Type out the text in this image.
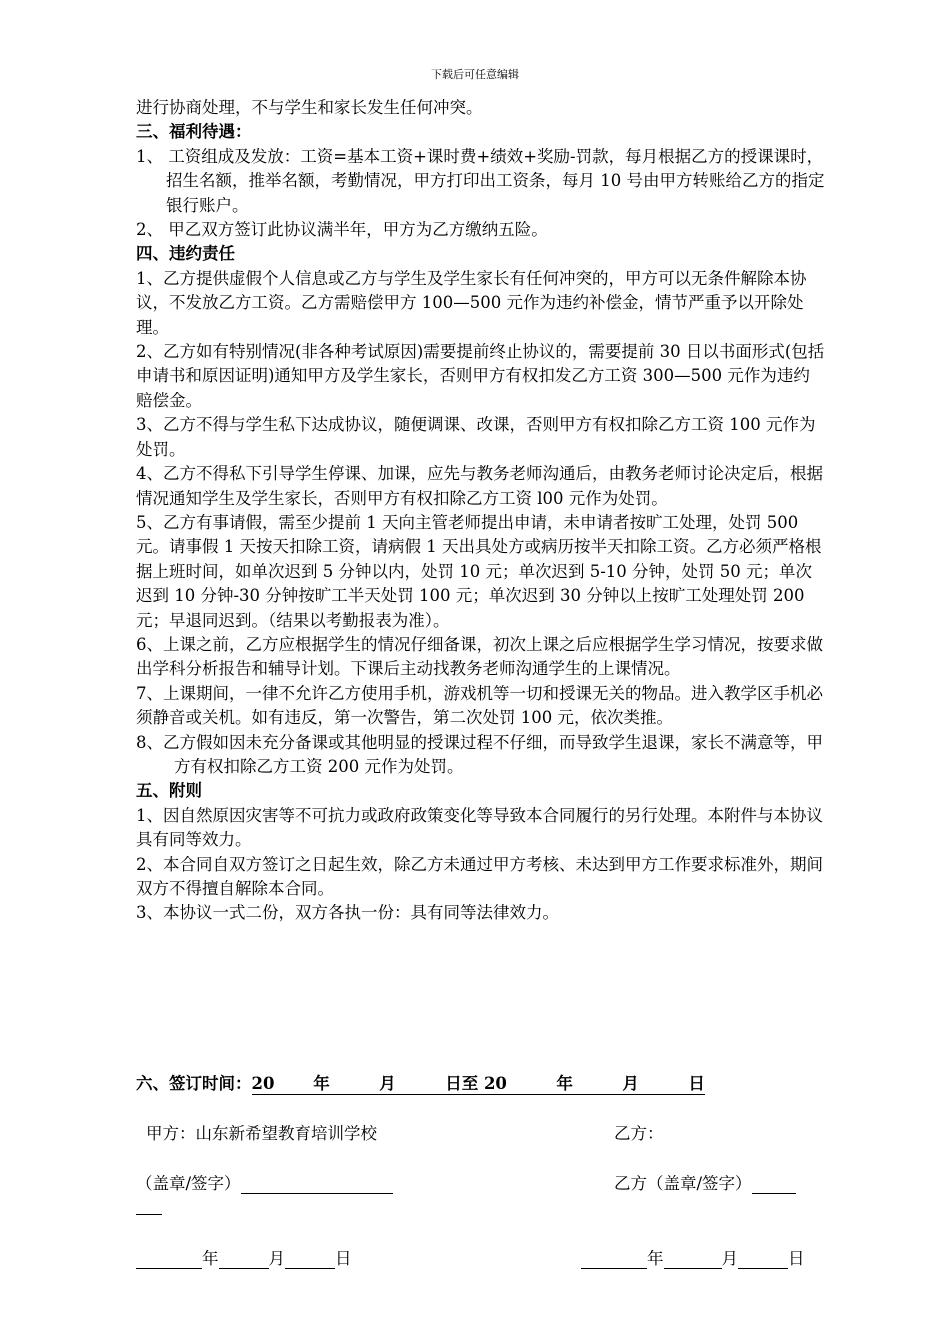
下载后可任意编辑

进行协商处理，不与学生和家长发生任何冲突。

三、福利待遇：

1、 工资组成及发放：工资=基本工资+课时费+绩效+奖励-罚款，每月根据乙方的授课课时，招生名额，推举名额，考勤情况，甲方打印出工资条，每月 10 号由甲方转账给乙方的指定银行账户。

2、 甲乙双方签订此协议满半年，甲方为乙方缴纳五险。

四、违约责任

1、乙方提供虚假个人信息或乙方与学生及学生家长有任何冲突的，甲方可以无条件解除本协议，不发放乙方工资。乙方需赔偿甲方 100—500 元作为违约补偿金，情节严重予以开除处理。

2、乙方如有特别情况(非各种考试原因)需要提前终止协议的，需要提前 30 日以书面形式(包括申请书和原因证明)通知甲方及学生家长，否则甲方有权扣发乙方工资 300—500 元作为违约赔偿金。

3、乙方不得与学生私下达成协议，随便调课、改课，否则甲方有权扣除乙方工资 100 元作为处罚。

4、乙方不得私下引导学生停课、加课，应先与教务老师沟通后，由教务老师讨论决定后，根据情况通知学生及学生家长，否则甲方有权扣除乙方工资 l00 元作为处罚。

5、乙方有事请假，需至少提前 1 天向主管老师提出申请，未申请者按旷工处理，处罚 500 元。请事假 1 天按天扣除工资，请病假 1 天出具处方或病历按半天扣除工资。乙方必须严格根据上班时间，如单次迟到 5 分钟以内，处罚 10 元；单次迟到 5-10 分钟，处罚 50 元；单次迟到 10 分钟-30 分钟按旷工半天处罚 100 元；单次迟到 30 分钟以上按旷工处理处罚 200 元；早退同迟到。（结果以考勤报表为准）。

6、上课之前，乙方应根据学生的情况仔细备课，初次上课之后应根据学生学习情况，按要求做出学科分析报告和辅导计划。下课后主动找教务老师沟通学生的上课情况。

7、上课期间，一律不允许乙方使用手机，游戏机等一切和授课无关的物品。进入教学区手机必须静音或关机。如有违反，第一次警告，第二次处罚 100 元，依次类推。

8、乙方假如因未充分备课或其他明显的授课过程不仔细，而导致学生退课，家长不满意等，甲方有权扣除乙方工资 200 元作为处罚。

五、附则

1、因自然原因灾害等不可抗力或政府政策变化等导致本合同履行的另行处理。本附件与本协议具有同等效力。

2、本合同自双方签订之日起生效，除乙方未通过甲方考核、未达到甲方工作要求标准外，期间双方不得擅自解除本合同。

3、本协议一式二份，双方各执一份：具有同等法律效力。

六、签订时间：20　　 年　　　月　　　日至 20　　　年　　　月　　　日
甲方：山东新希望教育培训学校	乙方：
（盖章/签字）	乙方（盖章/签字）
年	月	日	年	月	日
